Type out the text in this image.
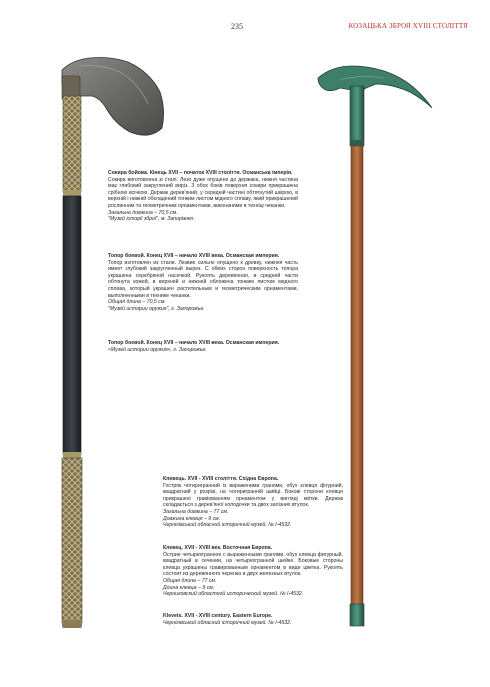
235	КОЗАЦЬКА ЗБРОЯ XVIII СТОЛІТТЯ
Сокира бойова. Кінець XVII – початок XVIII століття. Османська імперія.
Сокира виготовлена зі сталі. Лезо дуже опущене до держака, нижня частина має глибокий закруглений виріз. З обох боків поверхня сокири прикрашена срібною всічкою. Держак дерев'яний, у середній частині обтягнутий шкірою, в верхній і нижній обкладений тонким листом мідного сплаву, який прикрашений рослинним та геометричним орнаментами, виконаними в техніці чеканки.
Загальна довжина – 70,5 см.
"Музей історії зброї", м. Запоріжжя.
Топор боевой. Конец XVII – начало XVIII века. Османская империя.
Топор изготовлен из стали. Лезвие сильно опущено к древку, нижняя часть имеет глубокий закругленный вырез. С обеих сторон поверхность топора украшена серебряной насечкой. Рукоять деревянная, в средней части обтянута кожей, в верхней и нижней обложена тонким листом медного сплава, который украшен растительным и геометрическим орнаментами, выполненными в технике чеканки.
Общая длина – 70,5 см.
"Музей истории оружия", г. Запорожье.
Топор боевой. Конец XVII – начало XVIII века. Османская империя.
«Музей истории оружия», г. Запорожье.
Клевець. XVII - XVIII століття. Східна Європа.
Гостряк чотиригранний із вираженими гранями, обух клевця фігурний, квадратний у розрізі, на чотиригранній шийці. Бокові сторони клевця прикрашені гравіюванням орнаментом у вигляді квітки. Держак складається з дерев'яної колодочки та двох залізних втулок.
Загальна довжина – 77 см.
Довжина клевця – 9 см.
Чернігівський обласний історичний музей. № І-4532.
Клевец. XVII - XVIII век. Восточная Европа.
Острие четырехгранное с выраженными гранями, обух клевца фигурный, квадратный в сечении, на четырехгранной шейке. Боковые стороны клевца украшены гравированным орнаментом в виде цветка. Рукоять состоит из деревянного черенка и двух железных втулок.
Общая длина – 77 см.
Длина клевца – 9 см.
Черниговский областной исторический музей. № І-4532.
Klevets. XVII - XVIII century. Eastern Europe.
Чернігівський обласний історичний музей. № І-4532.
